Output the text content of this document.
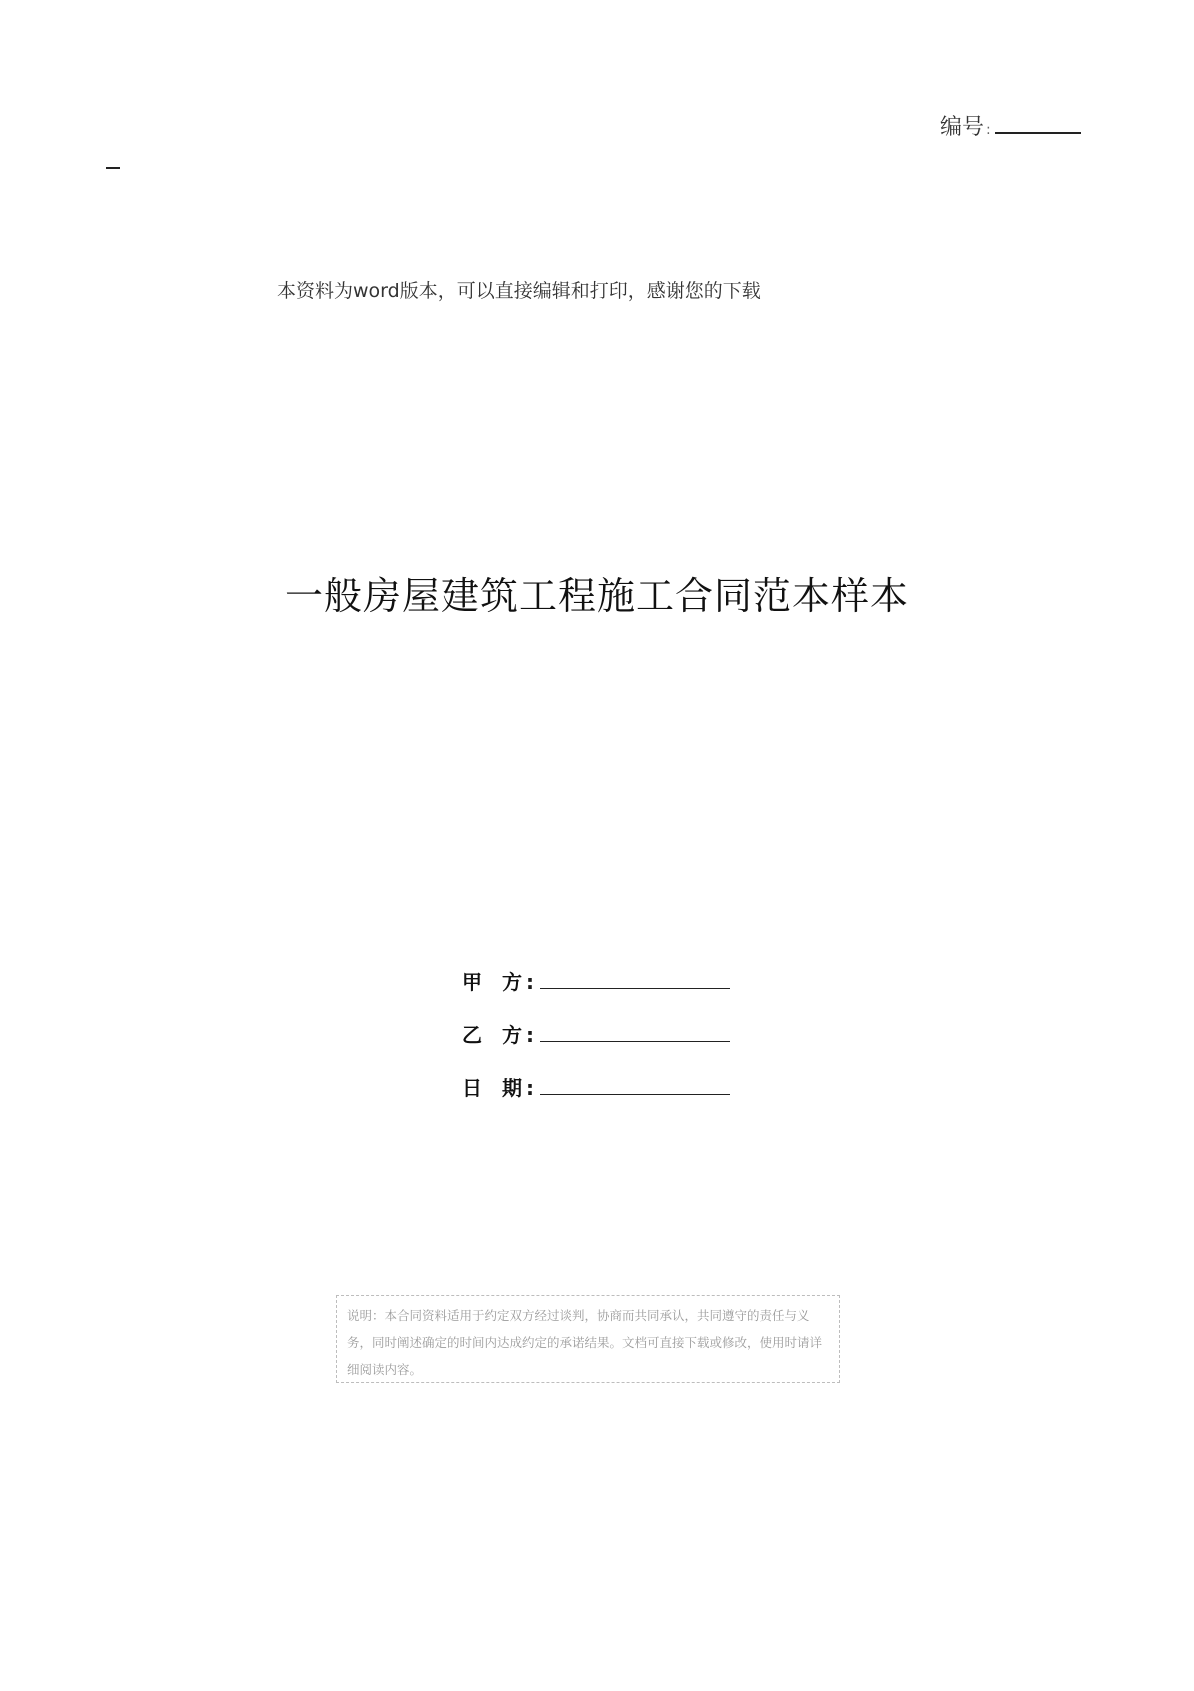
编号 :
本资料为word版本，可以直接编辑和打印，感谢您的下载
一般房屋建筑工程施工合同范本样本
甲 方 :
乙 方 :
日 期 :
说明：本合同资料适用于约定双方经过谈判，协商而共同承认，共同遵守的责任与义务，同时阐述确定的时间内达成约定的承诺结果。文档可直接下载或修改，使用时请详细阅读内容。
